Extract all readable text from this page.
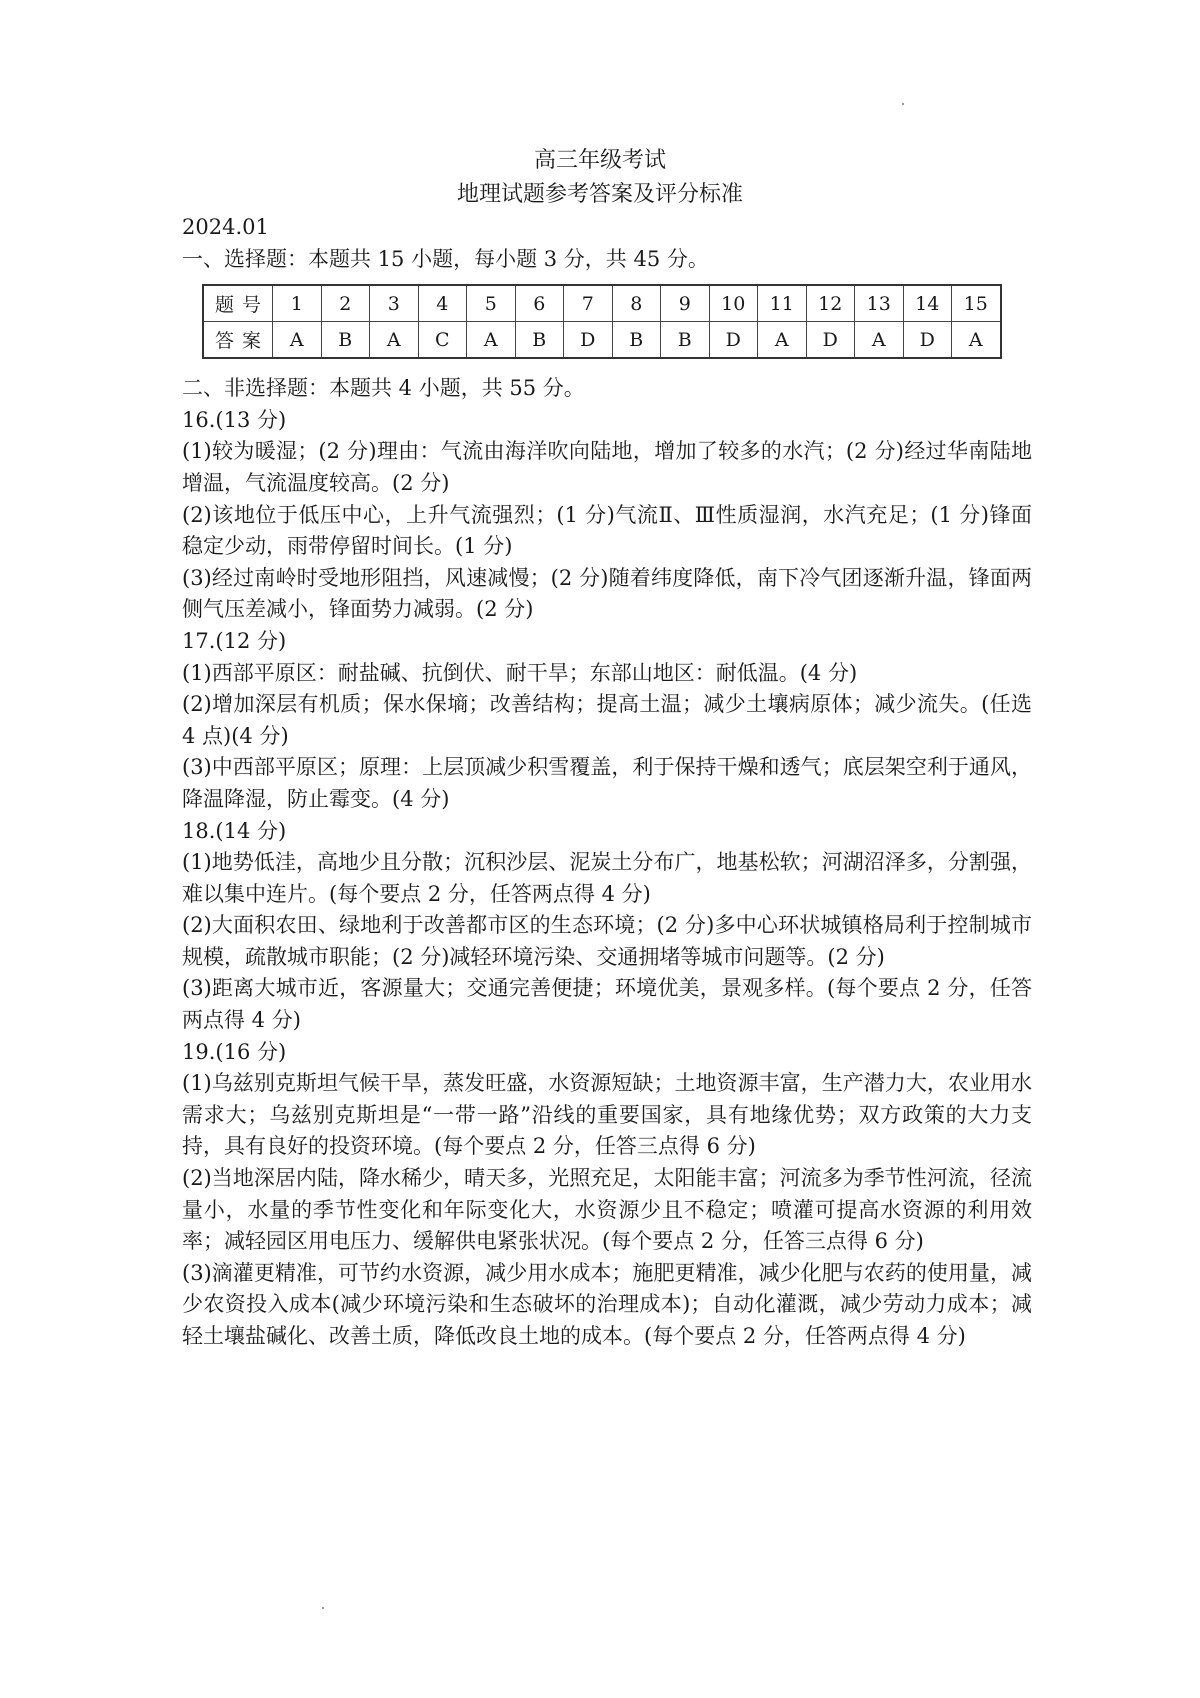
高三年级考试
地理试题参考答案及评分标准
2024.01
一、选择题：本题共 15 小题，每小题 3 分，共 45 分。
题号	1	2	3	4	5	6	7	8	9	10	11	12	13	14	15
答案	A	B	A	C	A	B	D	B	B	D	A	D	A	D	A
二、非选择题：本题共 4 小题，共 55 分。
16.(13 分)
(1)较为暖湿；(2 分)理由：气流由海洋吹向陆地，增加了较多的水汽；(2 分)经过华南陆地增温，气流温度较高。(2 分)
(2)该地位于低压中心，上升气流强烈；(1 分)气流Ⅱ、Ⅲ性质湿润，水汽充足；(1 分)锋面稳定少动，雨带停留时间长。(1 分)
(3)经过南岭时受地形阻挡，风速减慢；(2 分)随着纬度降低，南下冷气团逐渐升温，锋面两侧气压差减小，锋面势力减弱。(2 分)
17.(12 分)
(1)西部平原区：耐盐碱、抗倒伏、耐干旱；东部山地区：耐低温。(4 分)
(2)增加深层有机质；保水保墒；改善结构；提高土温；减少土壤病原体；减少流失。(任选 4 点)(4 分)
(3)中西部平原区；原理：上层顶减少积雪覆盖，利于保持干燥和透气；底层架空利于通风，降温降湿，防止霉变。(4 分)
18.(14 分)
(1)地势低洼，高地少且分散；沉积沙层、泥炭土分布广，地基松软；河湖沼泽多，分割强，难以集中连片。(每个要点 2 分，任答两点得 4 分)
(2)大面积农田、绿地利于改善都市区的生态环境；(2 分)多中心环状城镇格局利于控制城市规模，疏散城市职能；(2 分)减轻环境污染、交通拥堵等城市问题等。(2 分)
(3)距离大城市近，客源量大；交通完善便捷；环境优美，景观多样。(每个要点 2 分，任答两点得 4 分)
19.(16 分)
(1)乌兹别克斯坦气候干旱，蒸发旺盛，水资源短缺；土地资源丰富，生产潜力大，农业用水需求大；乌兹别克斯坦是“一带一路”沿线的重要国家，具有地缘优势；双方政策的大力支持，具有良好的投资环境。(每个要点 2 分，任答三点得 6 分)
(2)当地深居内陆，降水稀少，晴天多，光照充足，太阳能丰富；河流多为季节性河流，径流量小，水量的季节性变化和年际变化大，水资源少且不稳定；喷灌可提高水资源的利用效率；减轻园区用电压力、缓解供电紧张状况。(每个要点 2 分，任答三点得 6 分)
(3)滴灌更精准，可节约水资源，减少用水成本；施肥更精准，减少化肥与农药的使用量，减少农资投入成本(减少环境污染和生态破坏的治理成本)；自动化灌溉，减少劳动力成本；减轻土壤盐碱化、改善土质，降低改良土地的成本。(每个要点 2 分，任答两点得 4 分)
